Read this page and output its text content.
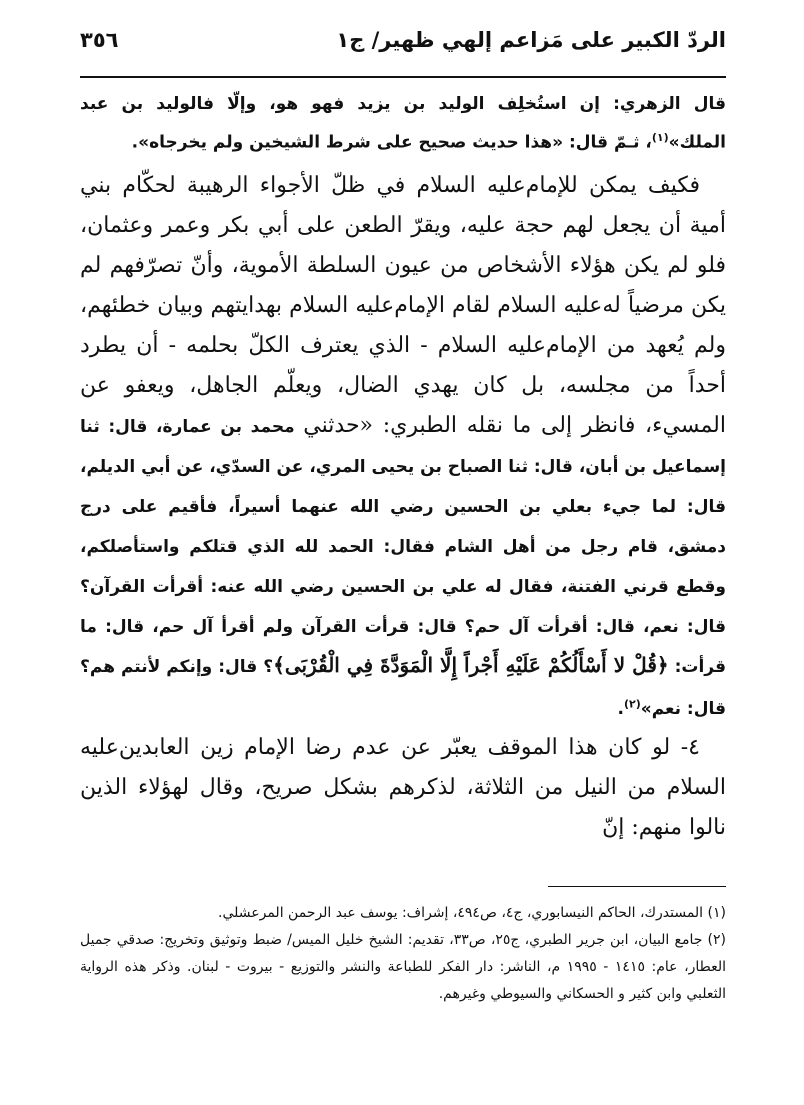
الردّ الكبير على مَزاعم إلهي ظهير/ ج١
٣٥٦

قال الزهري: إن استُخلِف الوليد بن يزيد فهو هو، وإلّا فالوليد بن عبد الملك»$^{(١)}$، ثـمّ قال: «هذا حديث صحيح على شرط الشيخين ولم يخرجاه».

فكيف يمكن للإمام‌عليه السلام في ظلّ الأجواء الرهيبة لحكّام بني أمية أن يجعل لهم حجة عليه، ويقرّ الطعن على أبي بكر وعمر وعثمان، فلو لم يكن هؤلاء الأشخاص من عيون السلطة الأموية، وأنّ تصرّفهم لم يكن مرضياً له‌عليه السلام لقام الإمام‌عليه السلام بهدايتهم وبيان خطئهم، ولم يُعهد من الإمام‌عليه السلام - الذي يعترف الكلّ بحلمه - أن يطرد أحداً من مجلسه، بل كان يهدي الضال، ويعلّم الجاهل، ويعفو عن المسيء، فانظر إلى ما نقله الطبري: «حدثني محمد بن عمارة، قال: ثنا إسماعيل بن أبان، قال: ثنا الصباح بن يحيى المري، عن السدّي، عن أبي الديلم، قال: لما جيء بعلي بن الحسين رضي الله عنهما أسيراً، فأقيم على درج دمشق، قام رجل من أهل الشام فقال: الحمد لله الذي قتلكم واستأصلكم، وقطع قرني الفتنة، فقال له علي بن الحسين رضي الله عنه: أقرأت القرآن؟ قال: نعم، قال: أقرأت آل حم؟ قال: قرأت القرآن ولم أقرأ آل حم، قال: ما قرأت: ﴿قُلْ لا أَسْأَلُكُمْ عَلَيْهِ أَجْراً إِلَّا الْمَوَدَّةَ فِي الْقُرْبَى﴾؟ قال: وإنكم لأنتم هم؟ قال: نعم»$^{(٢)}$.

٤- لو كان هذا الموقف يعبّر عن عدم رضا الإمام زين العابدين‌عليه السلام من النيل من الثلاثة، لذكرهم بشكل صريح، وقال لهؤلاء الذين نالوا منهم: إنّ

(١) المستدرك، الحاكم النيسابوري، ج٤، ص٤٩٤، إشراف: يوسف عبد الرحمن المرعشلي.

(٢) جامع البيان، ابن جرير الطبري، ج٢٥، ص٣٣، تقديم: الشيخ خليل الميس/ ضبط وتوثيق وتخريج: صدقي جميل العطار، عام: ١٤١٥ - ١٩٩٥ م، الناشر: دار الفكر للطباعة والنشر والتوزيع - بيروت - لبنان. وذكر هذه الرواية الثعلبي وابن كثير و الحسكاني والسيوطي وغيرهم.
